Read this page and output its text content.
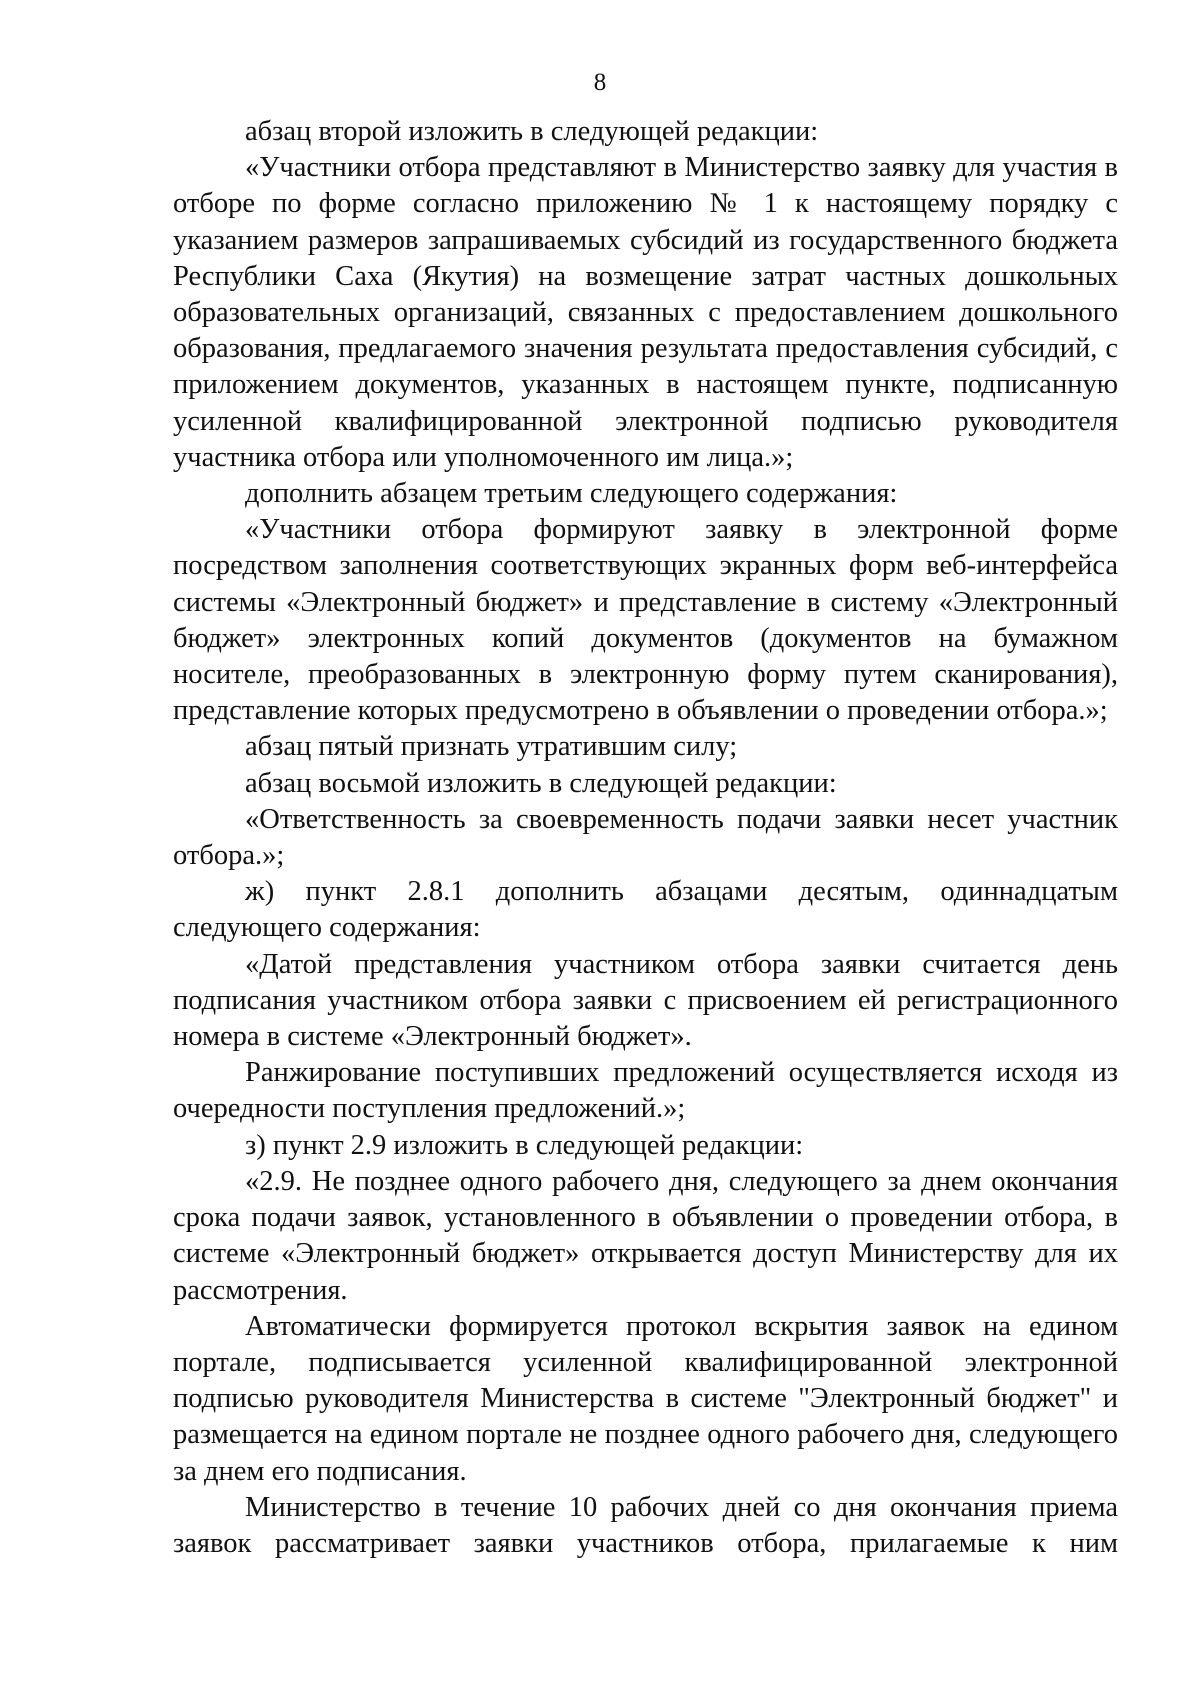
8

абзац второй изложить в следующей редакции:

«Участники отбора представляют в Министерство заявку для участия в отборе по форме согласно приложению № 1 к настоящему порядку с указанием размеров запрашиваемых субсидий из государственного бюджета Республики Саха (Якутия) на возмещение затрат частных дошкольных образовательных организаций, связанных с предоставлением дошкольного образования, предлагаемого значения результата предоставления субсидий, с приложением документов, указанных в настоящем пункте, подписанную усиленной квалифицированной электронной подписью руководителя участника отбора или уполномоченного им лица.»;

дополнить абзацем третьим следующего содержания:

«Участники отбора формируют заявку в электронной форме посредством заполнения соответствующих экранных форм веб-интерфейса системы «Электронный бюджет» и представление в систему «Электронный бюджет» электронных копий документов (документов на бумажном носителе, преобразованных в электронную форму путем сканирования), представление которых предусмотрено в объявлении о проведении отбора.»;

абзац пятый признать утратившим силу;

абзац восьмой изложить в следующей редакции:

«Ответственность за своевременность подачи заявки несет участник отбора.»;

ж) пункт 2.8.1 дополнить абзацами десятым, одиннадцатым следующего содержания:

«Датой представления участником отбора заявки считается день подписания участником отбора заявки с присвоением ей регистрационного номера в системе «Электронный бюджет».

Ранжирование поступивших предложений осуществляется исходя из очередности поступления предложений.»;

з) пункт 2.9 изложить в следующей редакции:

«2.9. Не позднее одного рабочего дня, следующего за днем окончания срока подачи заявок, установленного в объявлении о проведении отбора, в системе «Электронный бюджет» открывается доступ Министерству для их рассмотрения.

Автоматически формируется протокол вскрытия заявок на едином портале, подписывается усиленной квалифицированной электронной подписью руководителя Министерства в системе "Электронный бюджет" и размещается на едином портале не позднее одного рабочего дня, следующего за днем его подписания.

Министерство в течение 10 рабочих дней со дня окончания приема заявок рассматривает заявки участников отбора, прилагаемые к ним
